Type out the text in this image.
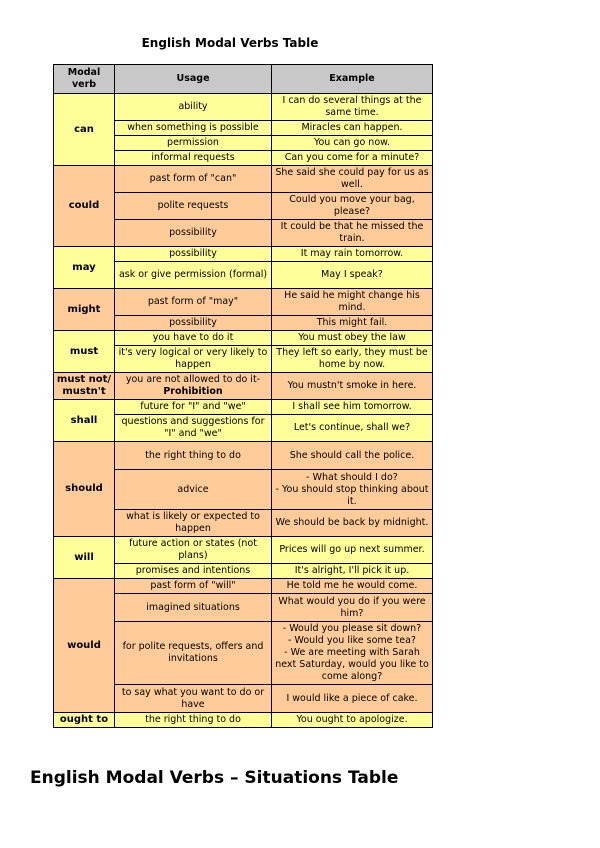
English Modal Verbs Table
Modal
verb	Usage	Example
can	ability	I can do several things at the same time.
	when something is possible	Miracles can happen.
	permission	You can go now.
	informal requests	Can you come for a minute?
could	past form of "can"	She said she could pay for us as well.
	polite requests	Could you move your bag, please?
	possibility	It could be that he missed the train.
may	possibility	It may rain tomorrow.
	ask or give permission (formal)	May I speak?
might	past form of "may"	He said he might change his mind.
	possibility	This might fail.
must	you have to do it	You must obey the law
	it's very logical or very likely to happen	They left so early, they must be home by now.
must not/
mustn't	you are not allowed to do it- Prohibition	You mustn't smoke in here.
shall	future for "I" and "we"	I shall see him tomorrow.
	questions and suggestions for "I" and "we"	Let's continue, shall we?
should	the right thing to do	She should call the police.
	advice	- What should I do?
- You should stop thinking about it.
	what is likely or expected to happen	We should be back by midnight.
will	future action or states (not plans)	Prices will go up next summer.
	promises and intentions	It's alright, I'll pick it up.
would	past form of "will"	He told me he would come.
	imagined situations	What would you do if you were him?
	for polite requests, offers and invitations	- Would you please sit down?
- Would you like some tea?
- We are meeting with Sarah next Saturday, would you like to come along?
	to say what you want to do or have	I would like a piece of cake.
ought to	the right thing to do	You ought to apologize.
English Modal Verbs – Situations Table
